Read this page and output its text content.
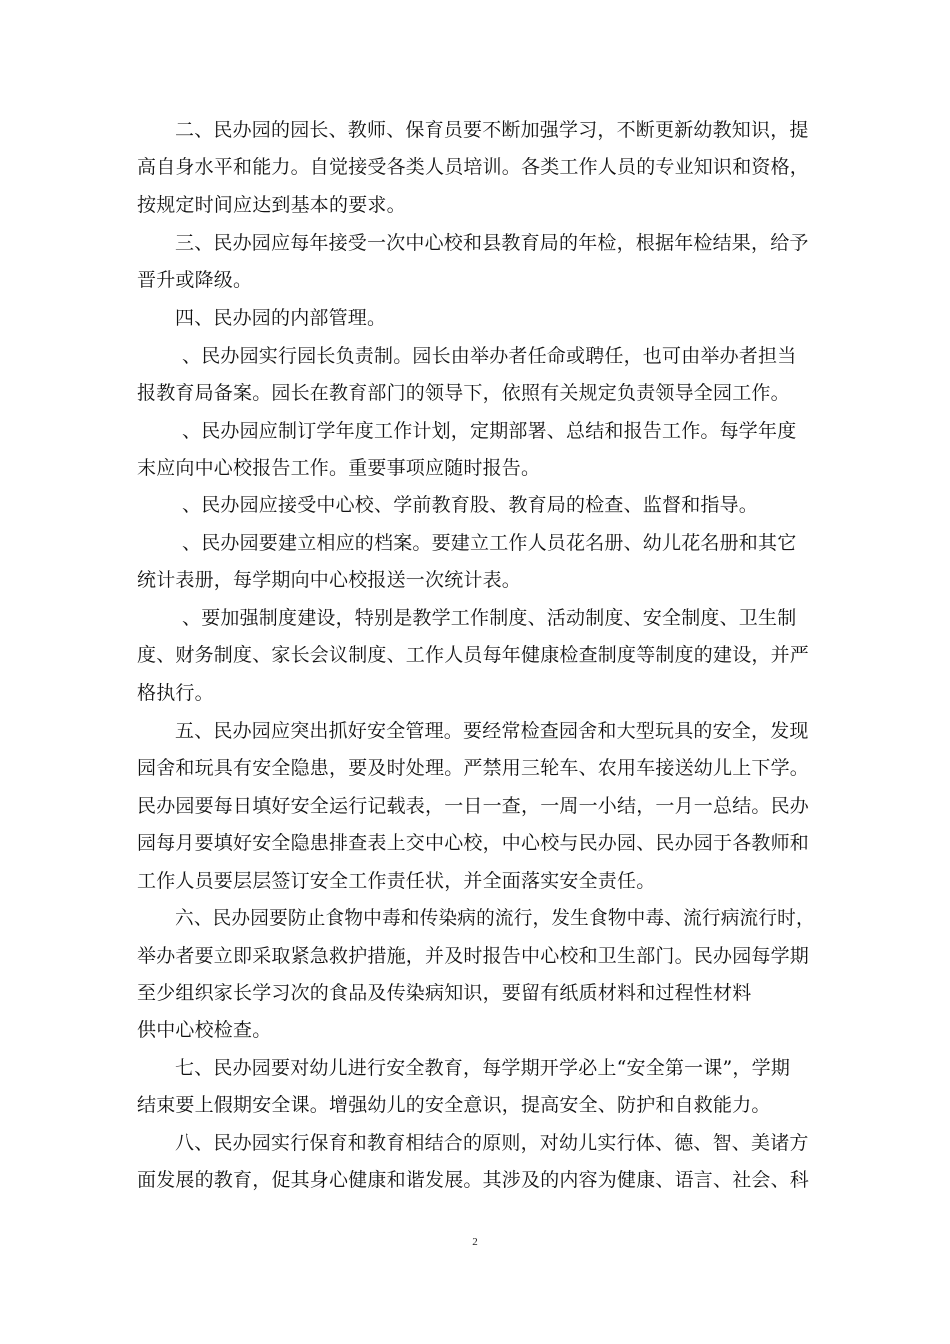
二、民办园的园长、教师、保育员要不断加强学习，不断更新幼教知识，提
高自身水平和能力。自觉接受各类人员培训。各类工作人员的专业知识和资格，
按规定时间应达到基本的要求。
三、民办园应每年接受一次中心校和县教育局的年检，根据年检结果，给予
晋升或降级。
四、民办园的内部管理。
、民办园实行园长负责制。园长由举办者任命或聘任，也可由举办者担当
报教育局备案。园长在教育部门的领导下，依照有关规定负责领导全园工作。
、民办园应制订学年度工作计划，定期部署、总结和报告工作。每学年度
末应向中心校报告工作。重要事项应随时报告。
、民办园应接受中心校、学前教育股、教育局的检查、监督和指导。
、民办园要建立相应的档案。要建立工作人员花名册、幼儿花名册和其它
统计表册，每学期向中心校报送一次统计表。
、要加强制度建设，特别是教学工作制度、活动制度、安全制度、卫生制
度、财务制度、家长会议制度、工作人员每年健康检查制度等制度的建设，并严
格执行。
五、民办园应突出抓好安全管理。要经常检查园舍和大型玩具的安全，发现
园舍和玩具有安全隐患，要及时处理。严禁用三轮车、农用车接送幼儿上下学。
民办园要每日填好安全运行记载表，一日一查，一周一小结，一月一总结。民办
园每月要填好安全隐患排查表上交中心校，中心校与民办园、民办园于各教师和
工作人员要层层签订安全工作责任状，并全面落实安全责任。
六、民办园要防止食物中毒和传染病的流行，发生食物中毒、流行病流行时，
举办者要立即采取紧急救护措施，并及时报告中心校和卫生部门。民办园每学期
至少组织家长学习次的食品及传染病知识，要留有纸质材料和过程性材料
供中心校检查。
七、民办园要对幼儿进行安全教育，每学期开学必上“安全第一课”，学期
结束要上假期安全课。增强幼儿的安全意识，提高安全、防护和自救能力。
八、民办园实行保育和教育相结合的原则，对幼儿实行体、德、智、美诸方
面发展的教育，促其身心健康和谐发展。其涉及的内容为健康、语言、社会、科
2
